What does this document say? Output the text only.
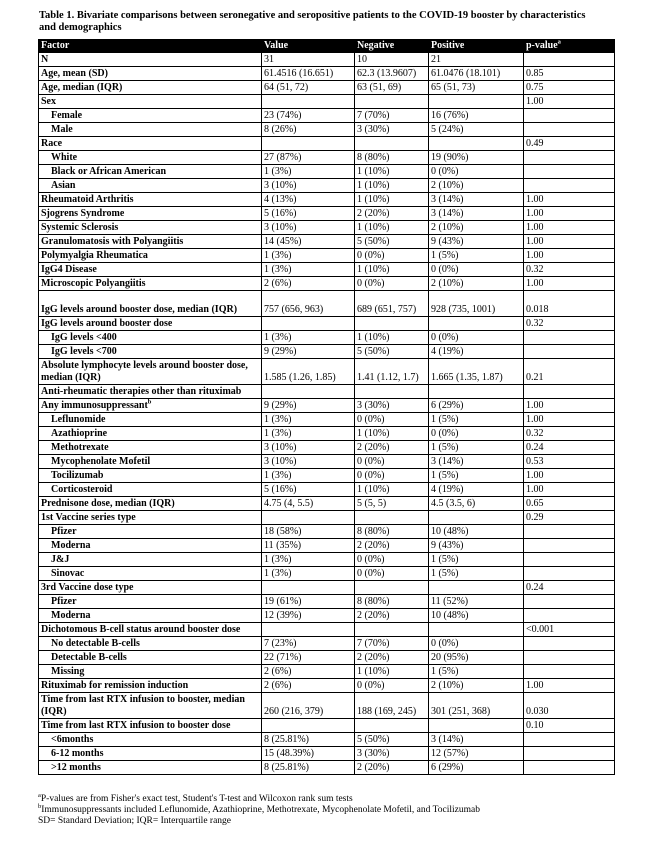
Table 1. Bivariate comparisons between seronegative and seropositive patients to the COVID-19 booster by characteristics and demographics
Factor	Value	Negative	Positive	p-value$^a$
N	31	10	21	
Age, mean (SD)	61.4516 (16.651)	62.3 (13.9607)	61.0476 (18.101)	0.85
Age, median (IQR)	64 (51, 72)	63 (51, 69)	65 (51, 73)	0.75
Sex				1.00
Female	23 (74%)	7 (70%)	16 (76%)	
Male	8 (26%)	3 (30%)	5 (24%)	
Race				0.49
White	27 (87%)	8 (80%)	19 (90%)	
Black or African American	1 (3%)	1 (10%)	0 (0%)	
Asian	3 (10%)	1 (10%)	2 (10%)	
Rheumatoid Arthritis	4 (13%)	1 (10%)	3 (14%)	1.00
Sjogrens Syndrome	5 (16%)	2 (20%)	3 (14%)	1.00
Systemic Sclerosis	3 (10%)	1 (10%)	2 (10%)	1.00
Granulomatosis with Polyangiitis	14 (45%)	5 (50%)	9 (43%)	1.00
Polymyalgia Rheumatica	1 (3%)	0 (0%)	1 (5%)	1.00
IgG4 Disease	1 (3%)	1 (10%)	0 (0%)	0.32
Microscopic Polyangiitis	2 (6%)	0 (0%)	2 (10%)	1.00
IgG levels around booster dose, median (IQR)	757 (656, 963)	689 (651, 757)	928 (735, 1001)	0.018
IgG levels around booster dose				0.32
IgG levels <400	1 (3%)	1 (10%)	0 (0%)	
IgG levels <700	9 (29%)	5 (50%)	4 (19%)	
Absolute lymphocyte levels around booster dose, median (IQR)	1.585 (1.26, 1.85)	1.41 (1.12, 1.7)	1.665 (1.35, 1.87)	0.21
Anti-rheumatic therapies other than rituximab				
Any immunosuppressant$^b$	9 (29%)	3 (30%)	6 (29%)	1.00
Leflunomide	1 (3%)	0 (0%)	1 (5%)	1.00
Azathioprine	1 (3%)	1 (10%)	0 (0%)	0.32
Methotrexate	3 (10%)	2 (20%)	1 (5%)	0.24
Mycophenolate Mofetil	3 (10%)	0 (0%)	3 (14%)	0.53
Tocilizumab	1 (3%)	0 (0%)	1 (5%)	1.00
Corticosteroid	5 (16%)	1 (10%)	4 (19%)	1.00
Prednisone dose, median (IQR)	4.75 (4, 5.5)	5 (5, 5)	4.5 (3.5, 6)	0.65
1st Vaccine series type				0.29
Pfizer	18 (58%)	8 (80%)	10 (48%)	
Moderna	11 (35%)	2 (20%)	9 (43%)	
J&J	1 (3%)	0 (0%)	1 (5%)	
Sinovac	1 (3%)	0 (0%)	1 (5%)	
3rd Vaccine dose type				0.24
Pfizer	19 (61%)	8 (80%)	11 (52%)	
Moderna	12 (39%)	2 (20%)	10 (48%)	
Dichotomous B-cell status around booster dose				<0.001
No detectable B-cells	7 (23%)	7 (70%)	0 (0%)	
Detectable B-cells	22 (71%)	2 (20%)	20 (95%)	
Missing	2 (6%)	1 (10%)	1 (5%)	
Rituximab for remission induction	2 (6%)	0 (0%)	2 (10%)	1.00
Time from last RTX infusion to booster, median (IQR)	260 (216, 379)	188 (169, 245)	301 (251, 368)	0.030
Time from last RTX infusion to booster dose				0.10
<6months	8 (25.81%)	5 (50%)	3 (14%)	
6-12 months	15 (48.39%)	3 (30%)	12 (57%)	
>12 months	8 (25.81%)	2 (20%)	6 (29%)	
$^a$P-values are from Fisher's exact test, Student's T-test and Wilcoxon rank sum tests
$^b$Immunosuppressants included Leflunomide, Azathioprine, Methotrexate, Mycophenolate Mofetil, and Tocilizumab
SD= Standard Deviation; IQR= Interquartile range
